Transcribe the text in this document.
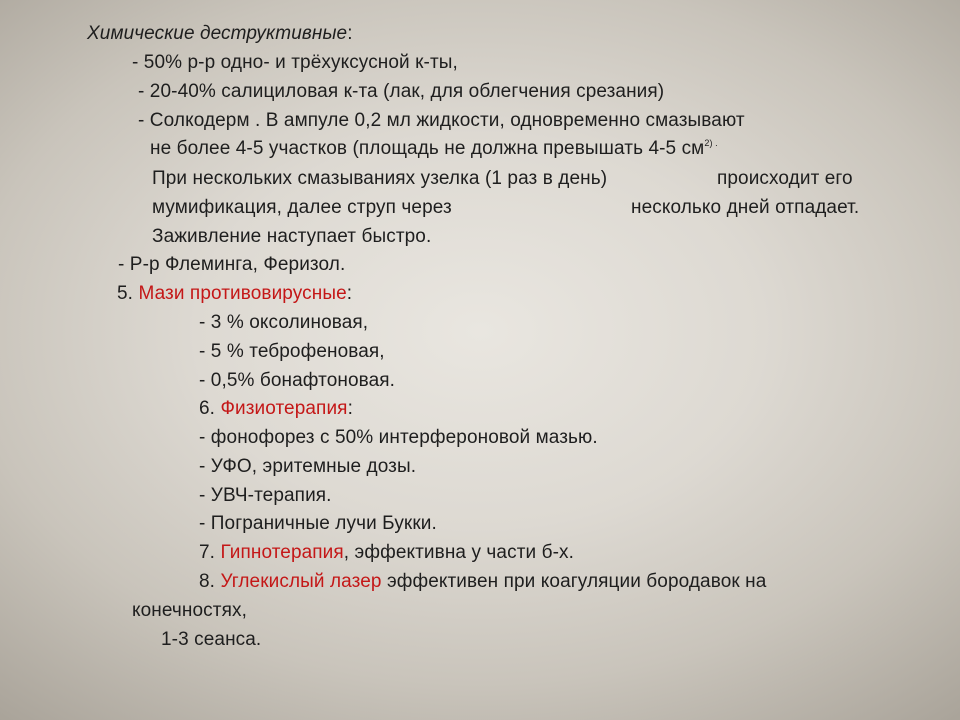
Химические деструктивные:
- 50% р-р одно- и трёхуксусной к-ты,
- 20-40% салициловая к-та (лак, для облегчения срезания)
- Солкодерм . В ампуле 0,2 мл жидкости, одновременно смазывают
не более 4-5 участков (площадь не должна превышать 4-5 $см^{2) .}$
При нескольких смазываниях узелка (1 раз в день)	происходит его
мумификация, далее струп через	несколько дней отпадает.
Заживление наступает быстро.
- Р-р Флеминга, Феризол.
5. Мази противовирусные:
- 3 % оксолиновая,
- 5 % теброфеновая,
- 0,5% бонафтоновая.
6. Физиотерапия:
- фонофорез с 50% интерфероновой мазью.
- УФО, эритемные дозы.
- УВЧ-терапия.
- Пограничные лучи Букки.
7. Гипнотерапия, эффективна у части б-х.
8. Углекислый лазер эффективен при коагуляции бородавок на
конечностях,
1-3 сеанса.
